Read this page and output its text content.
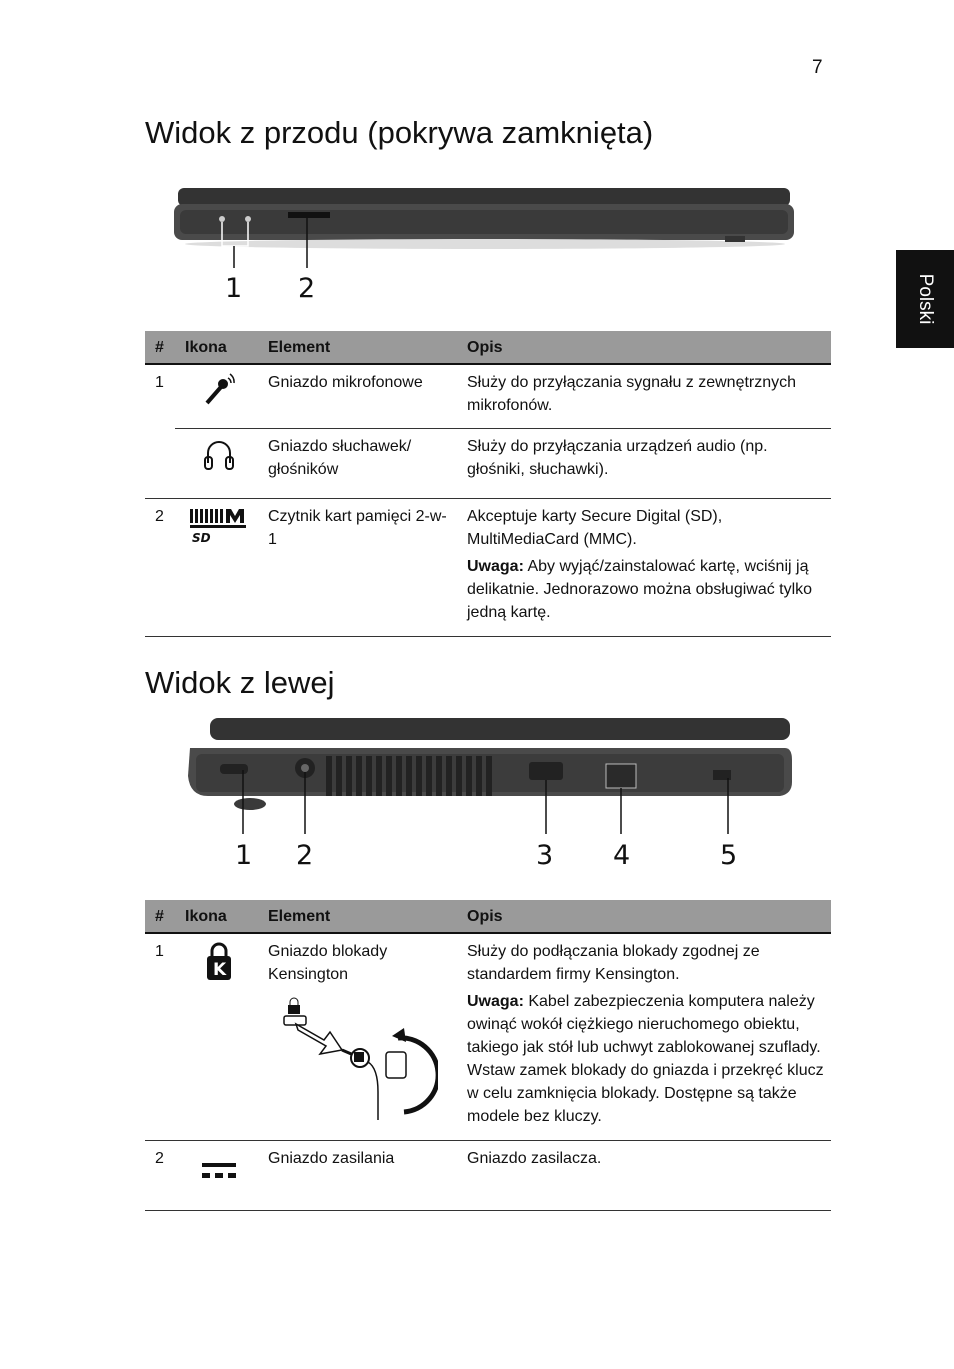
7
Polski
Widok z przodu (pokrywa zamknięta)
1 2
#	Ikona	Element	Opis
1		Gniazdo mikrofonowe	Służy do przyłączania sygnału z zewnętrznych mikrofonów.
		Gniazdo słuchawek/ głośników	Służy do przyłączania urządzeń audio (np. głośniki, słuchawki).
2	SD	Czytnik kart pamięci 2-w-1	Akceptuje karty Secure Digital (SD), MultiMediaCard (MMC).

Uwaga: Aby wyjąć/zainstalować kartę, wciśnij ją delikatnie. Jednorazowo można obsługiwać tylko jedną kartę.

Widok z lewej
1 2	3 4	5
#	Ikona	Element	Opis
1	K	Gniazdo blokady Kensington	Służy do podłączania blokady zgodnej ze standardem firmy Kensington.

Uwaga: Kabel zabezpieczenia komputera należy owinąć wokół ciężkiego nieruchomego obiektu, takiego jak stół lub uchwyt zablokowanej szuflady. Wstaw zamek blokady do gniazda i przekręć klucz w celu zamknięcia blokady. Dostępne są także modele bez kluczy.

2		Gniazdo zasilania	Gniazdo zasilacza.
